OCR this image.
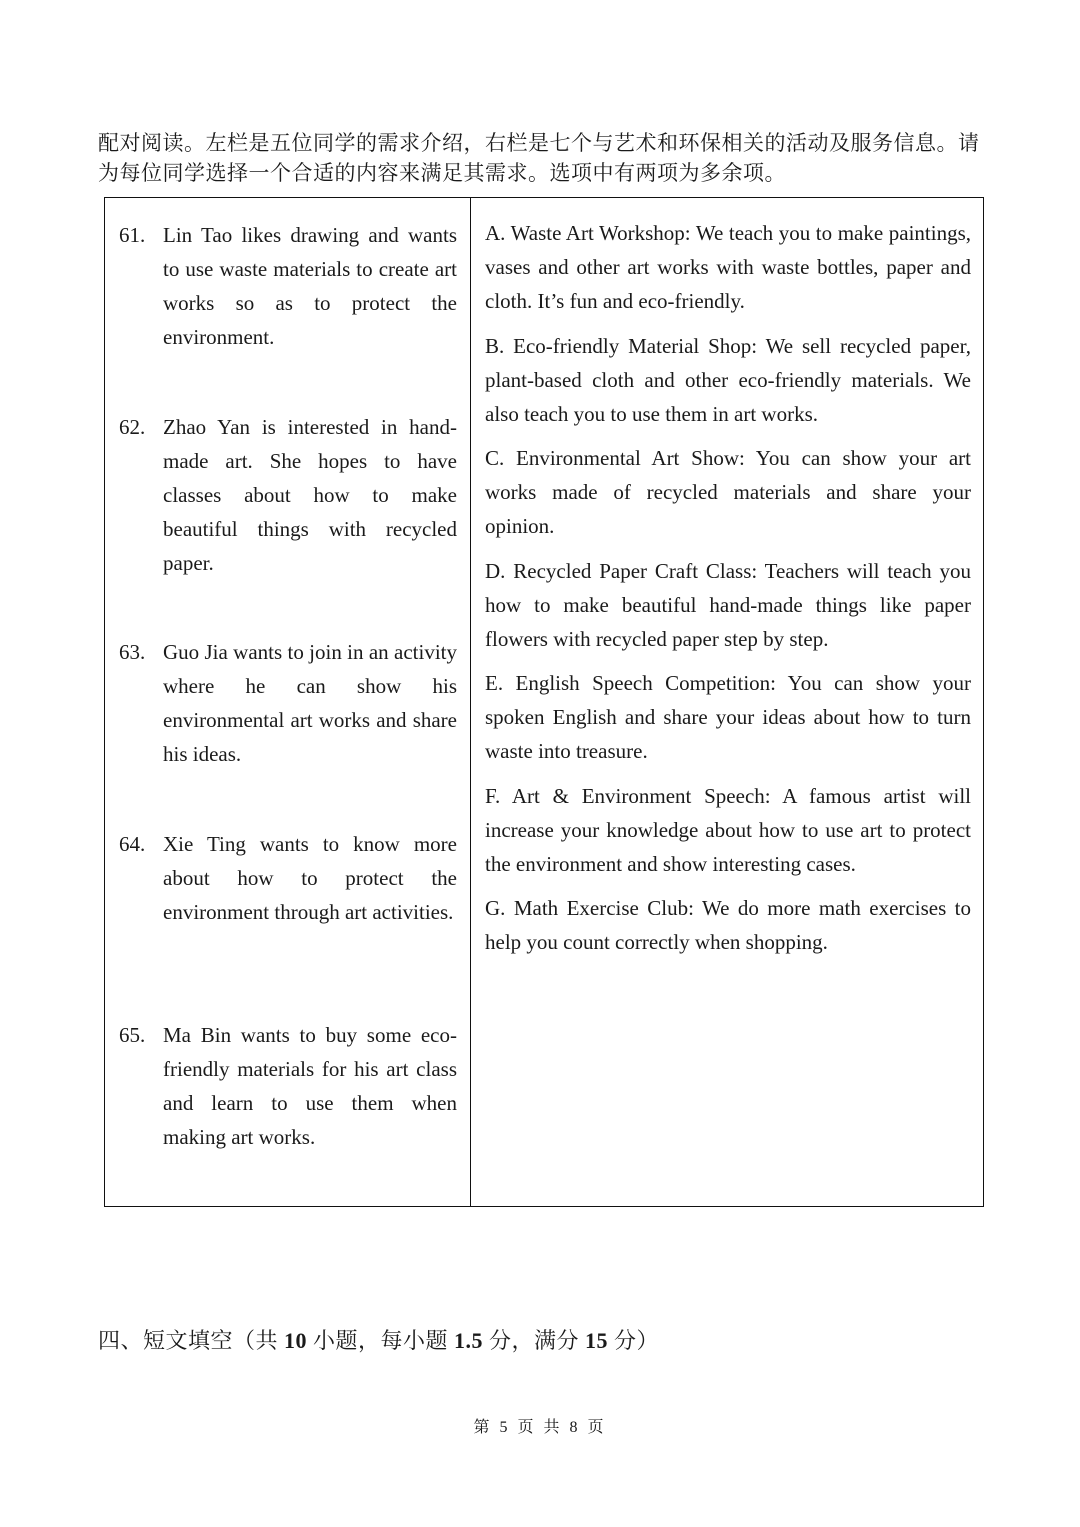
配对阅读。左栏是五位同学的需求介绍，右栏是七个与艺术和环保相关的活动及服务信息。请
为每位同学选择一个合适的内容来满足其需求。选项中有两项为多余项。
61. Lin Tao likes drawing and wants to use waste materials to create art works so as to protect the environment.
62. Zhao Yan is interested in hand-made art. She hopes to have classes about how to make beautiful things with recycled paper.
63. Guo Jia wants to join in an activity where he can show his environmental art works and share his ideas.
64. Xie Ting wants to know more about how to protect the environment through art activities.
65. Ma Bin wants to buy some eco-friendly materials for his art class and learn to use them when making art works.

A. Waste Art Workshop: We teach you to make paintings, vases and other art works with waste bottles, paper and cloth. It’s fun and eco-friendly.

B. Eco-friendly Material Shop: We sell recycled paper, plant-based cloth and other eco-friendly materials. We also teach you to use them in art works.

C. Environmental Art Show: You can show your art works made of recycled materials and share your opinion.

D. Recycled Paper Craft Class: Teachers will teach you how to make beautiful hand-made things like paper flowers with recycled paper step by step.

E. English Speech Competition: You can show your spoken English and share your ideas about how to turn waste into treasure.

F. Art & Environment Speech: A famous artist will increase your knowledge about how to use art to protect the environment and show interesting cases.

G. Math Exercise Club: We do more math exercises to help you count correctly when shopping.

四、短文填空（共 10 小题，每小题 1.5 分，满分 15 分）
第 5 页 共 8 页
